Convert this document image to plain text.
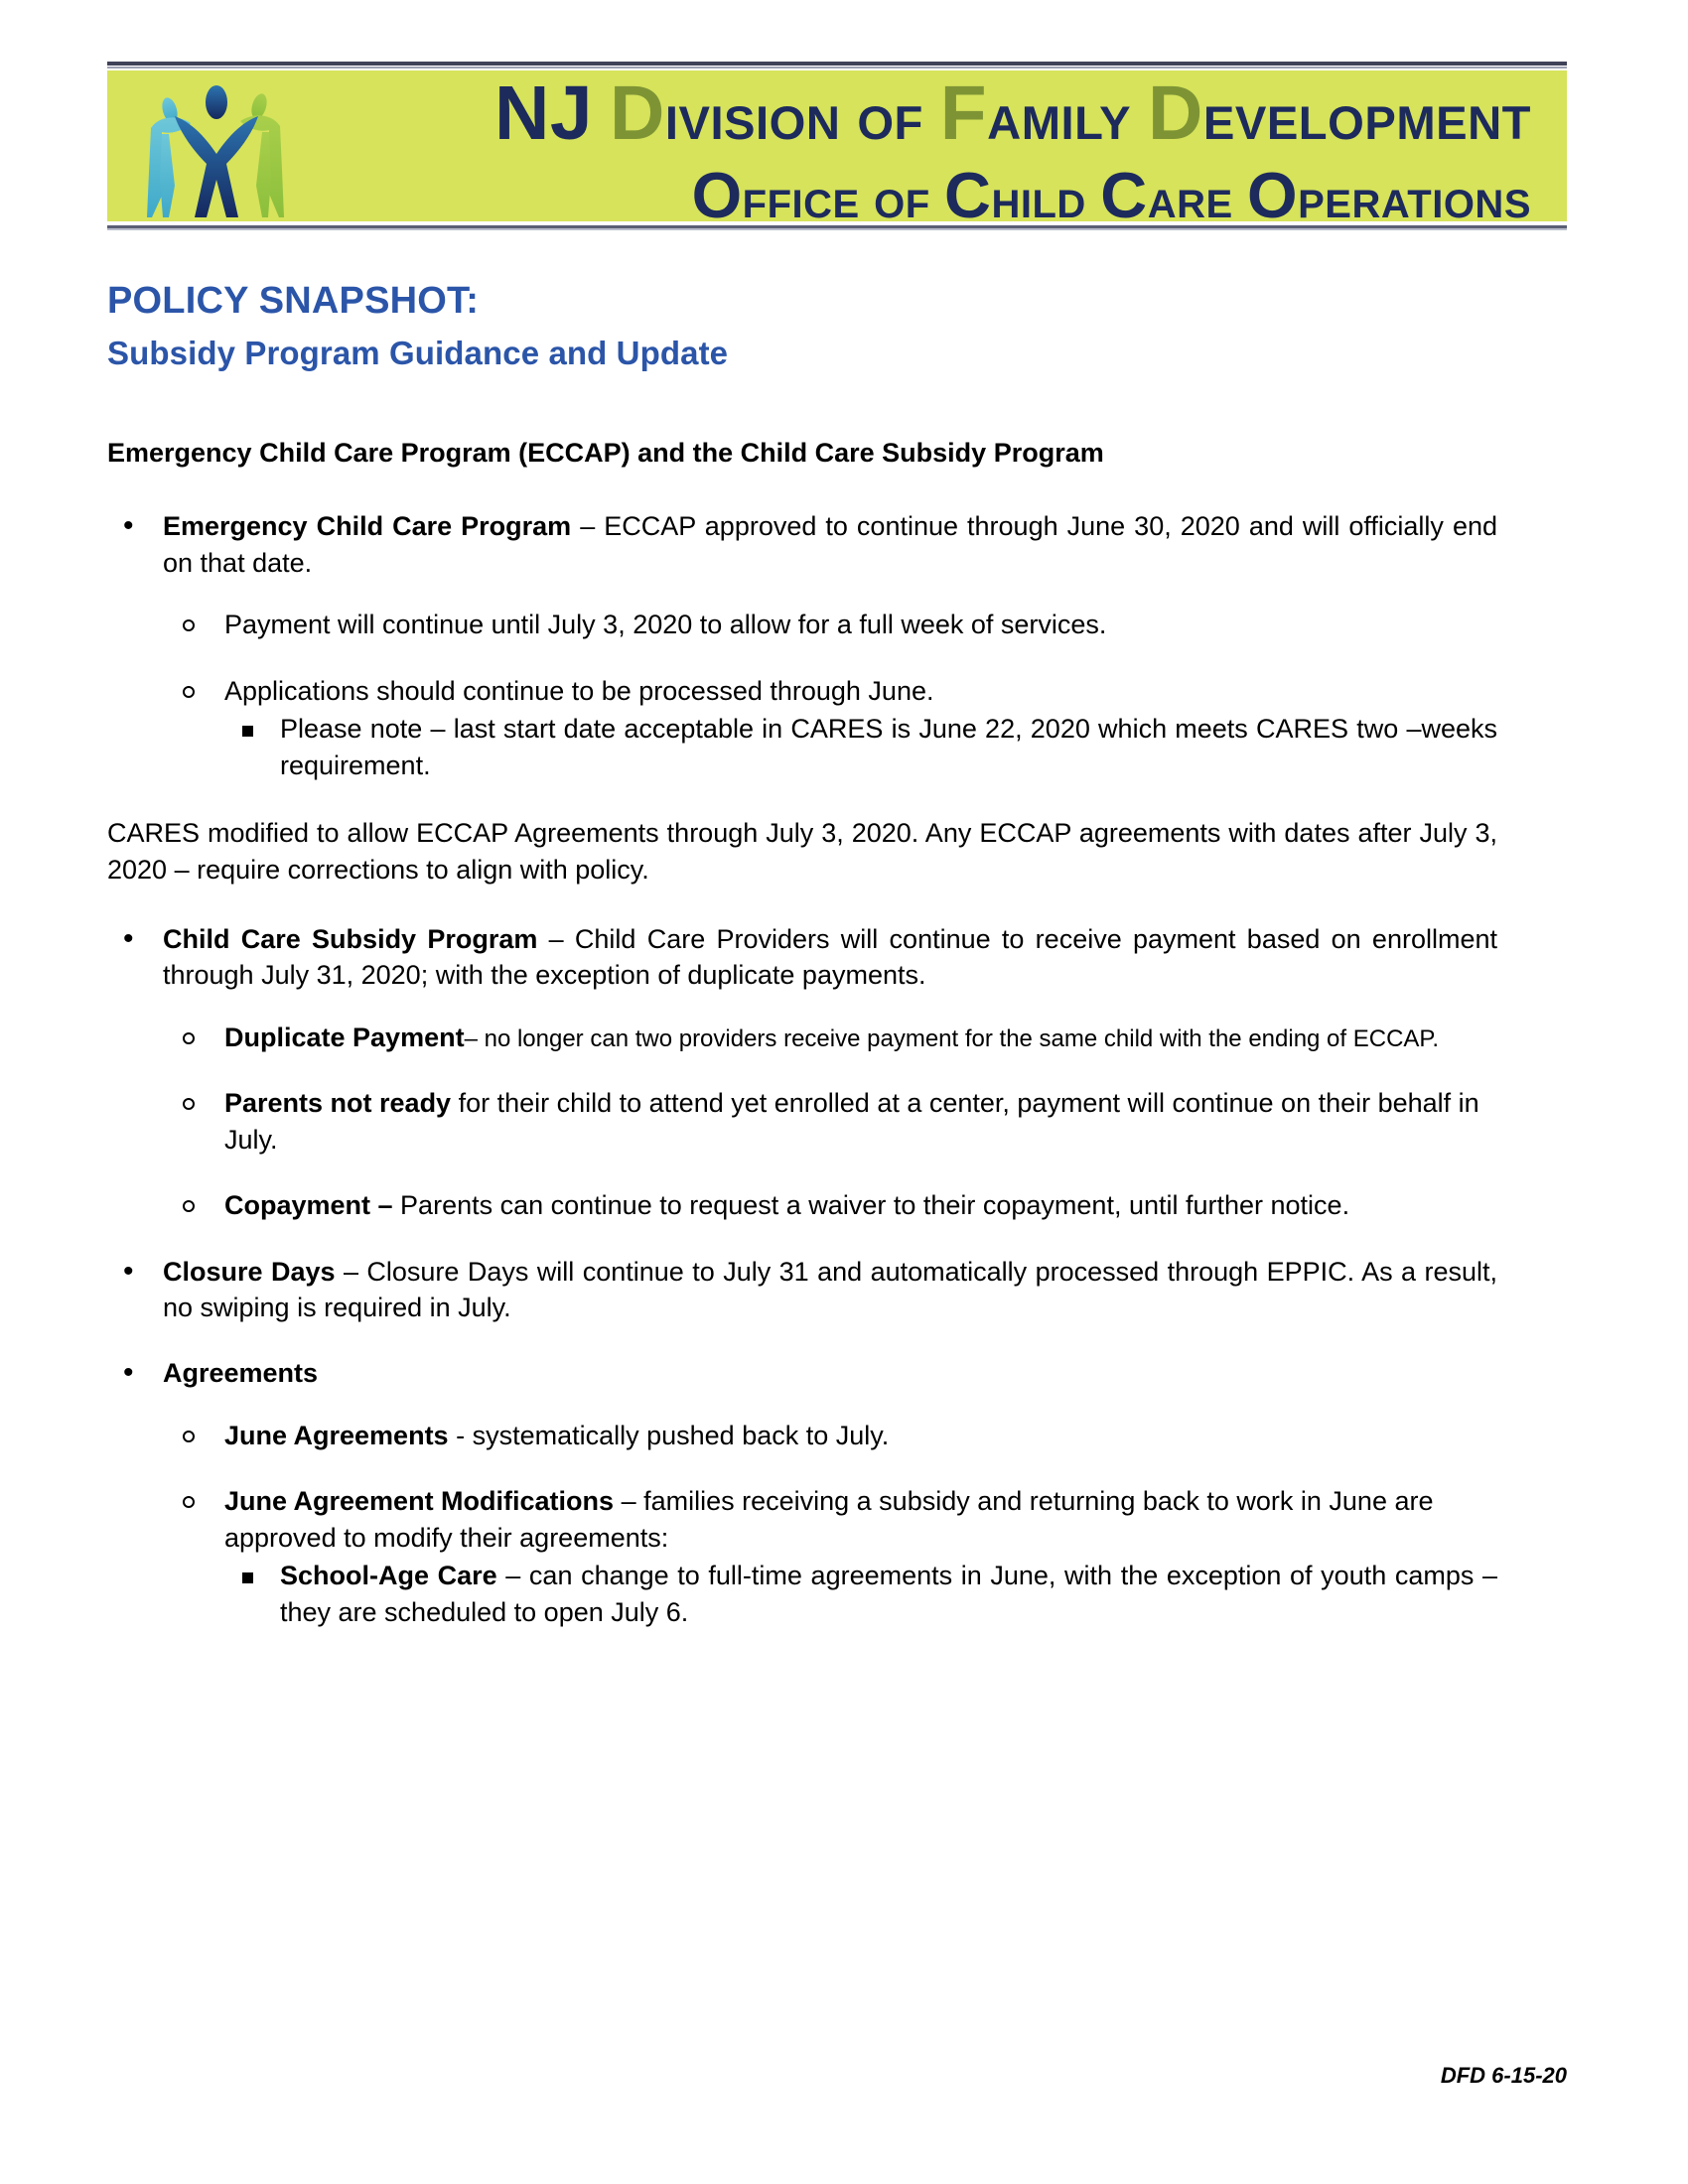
NJ DIVISION OF FAMILY DEVELOPMENT
OFFICE OF CHILD CARE OPERATIONS
POLICY SNAPSHOT:
Subsidy Program Guidance and Update
Emergency Child Care Program (ECCAP) and the Child Care Subsidy Program
• Emergency Child Care Program – ECCAP approved to continue through June 30, 2020 and will officially end on that date.
Payment will continue until July 3, 2020 to allow for a full week of services.
Applications should continue to be processed through June.
Please note – last start date acceptable in CARES is June 22, 2020 which meets CARES two –weeks requirement.
CARES modified to allow ECCAP Agreements through July 3, 2020. Any ECCAP agreements with dates after July 3, 2020 – require corrections to align with policy.
• Child Care Subsidy Program – Child Care Providers will continue to receive payment based on enrollment through July 31, 2020; with the exception of duplicate payments.
Duplicate Payment– no longer can two providers receive payment for the same child with the ending of ECCAP.
Parents not ready for their child to attend yet enrolled at a center, payment will continue on their behalf in July.
Copayment – Parents can continue to request a waiver to their copayment, until further notice.
• Closure Days – Closure Days will continue to July 31 and automatically processed through EPPIC. As a result, no swiping is required in July.
• Agreements
June Agreements - systematically pushed back to July.
June Agreement Modifications – families receiving a subsidy and returning back to work in June are approved to modify their agreements:
School-Age Care – can change to full-time agreements in June, with the exception of youth camps – they are scheduled to open July 6.
DFD 6-15-20
